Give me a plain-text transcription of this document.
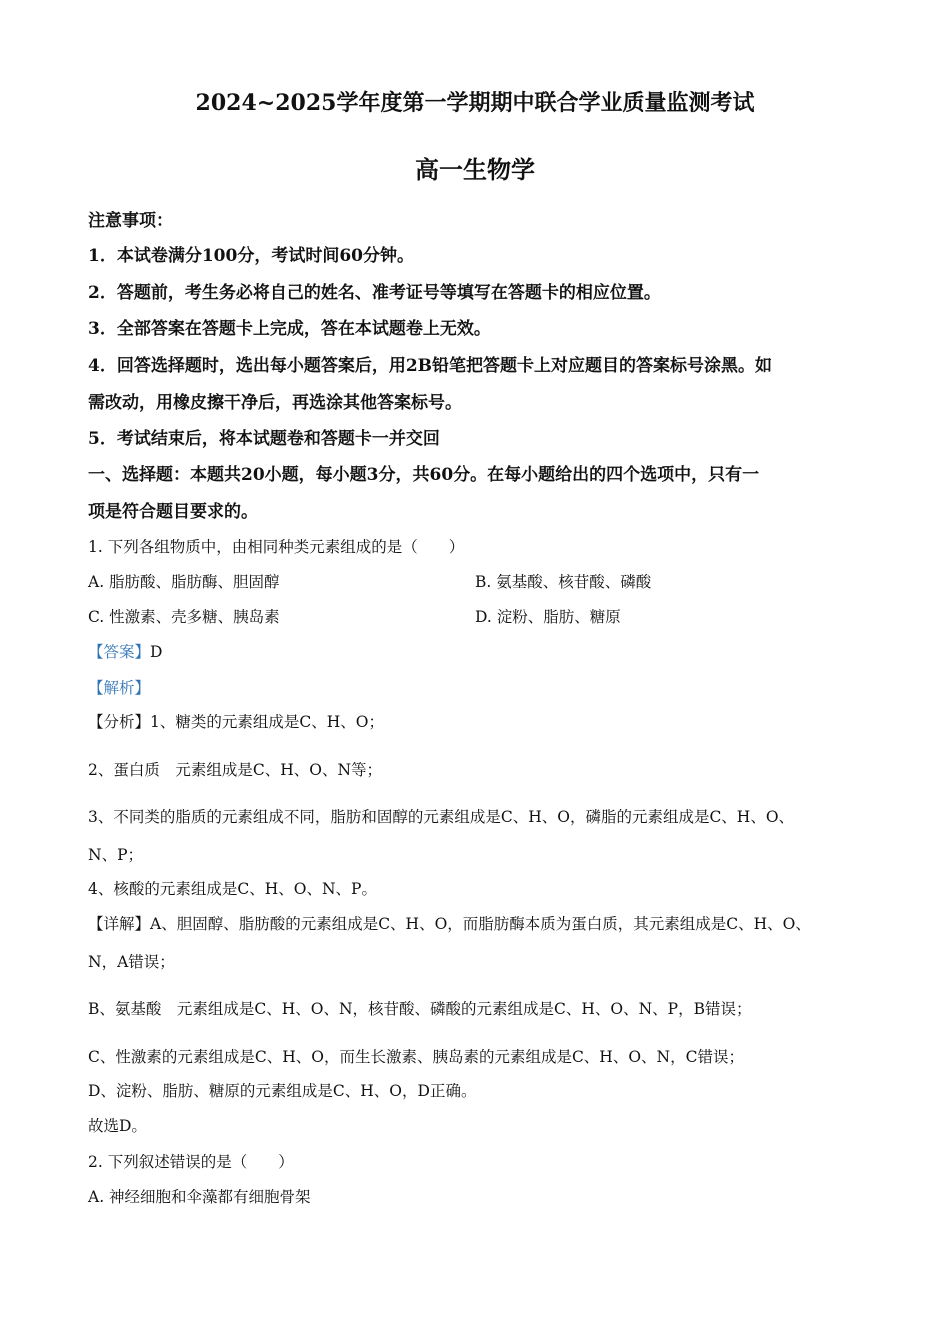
2024~2025学年度第一学期期中联合学业质量监测考试
高一生物学
注意事项：
1．本试卷满分100分，考试时间60分钟。
2．答题前，考生务必将自己的姓名、准考证号等填写在答题卡的相应位置。
3．全部答案在答题卡上完成，答在本试题卷上无效。
4．回答选择题时，选出每小题答案后，用2B铅笔把答题卡上对应题目的答案标号涂黑。如
需改动，用橡皮擦干净后，再选涂其他答案标号。
5．考试结束后，将本试题卷和答题卡一并交回
一、选择题：本题共20小题，每小题3分，共60分。在每小题给出的四个选项中，只有一
项是符合题目要求的。
1. 下列各组物质中，由相同种类元素组成的是（　　）
A. 脂肪酸、脂肪酶、胆固醇	B. 氨基酸、核苷酸、磷酸
C. 性激素、壳多糖、胰岛素	D. 淀粉、脂肪、糖原
【答案】D
【解析】
【分析】1、糖类的元素组成是C、H、O；
2、蛋白质　元素组成是C、H、O、N等；
3、不同类的脂质的元素组成不同，脂肪和固醇的元素组成是C、H、O，磷脂的元素组成是C、H、O、
N、P；
4、核酸的元素组成是C、H、O、N、P。
【详解】A、胆固醇、脂肪酸的元素组成是C、H、O，而脂肪酶本质为蛋白质，其元素组成是C、H、O、
N，A错误；
B、氨基酸　元素组成是C、H、O、N，核苷酸、磷酸的元素组成是C、H、O、N、P，B错误；
C、性激素的元素组成是C、H、O，而生长激素、胰岛素的元素组成是C、H、O、N，C错误；
D、淀粉、脂肪、糖原的元素组成是C、H、O，D正确。
故选D。
2. 下列叙述错误的是（　　）
A. 神经细胞和伞藻都有细胞骨架
